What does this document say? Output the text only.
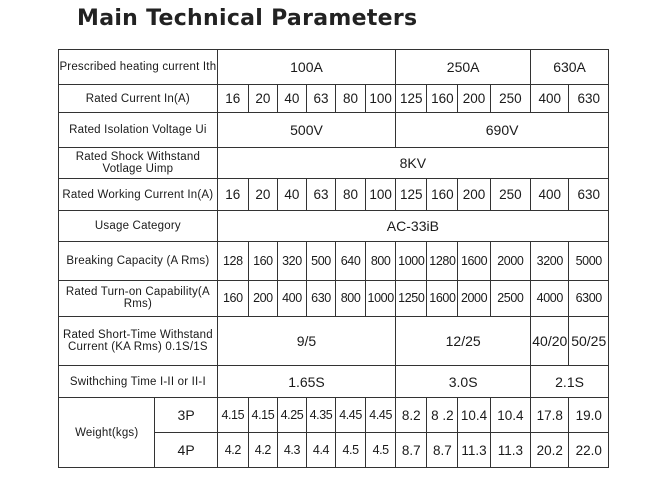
Main Technical Parameters
Prescribed heating current Ith		100A						250A				630A	
Rated Current In(A)		16	20	40	63	80	100	125	160	200	250	400	630
Rated Isolation Voltage Ui		500V						690V					
Rated Shock Withstand Votlage Uimp		8KV											
Rated Working Current In(A)		16	20	40	63	80	100	125	160	200	250	400	630
Usage Category		AC-33iB											
Breaking Capacity (A Rms)		128	160	320	500	640	800	1000	1280	1600	2000	3200	5000
Rated Turn-on Capability(A Rms)		160	200	400	630	800	1000	1250	1600	2000	2500	4000	6300
Rated Short-Time Withstand Current (KA Rms) 0.1S/1S		9/5						12/25				40/20	50/25
Swithching Time I-II or II-I		1.65S						3.0S				2.1S	
Weight(kgs)	3P	4.15	4.15	4.25	4.35	4.45	4.45	8.2	8 .2	10.4	10.4	17.8	19.0
	4P	4.2	4.2	4.3	4.4	4.5	4.5	8.7	8.7	11.3	11.3	20.2	22.0
